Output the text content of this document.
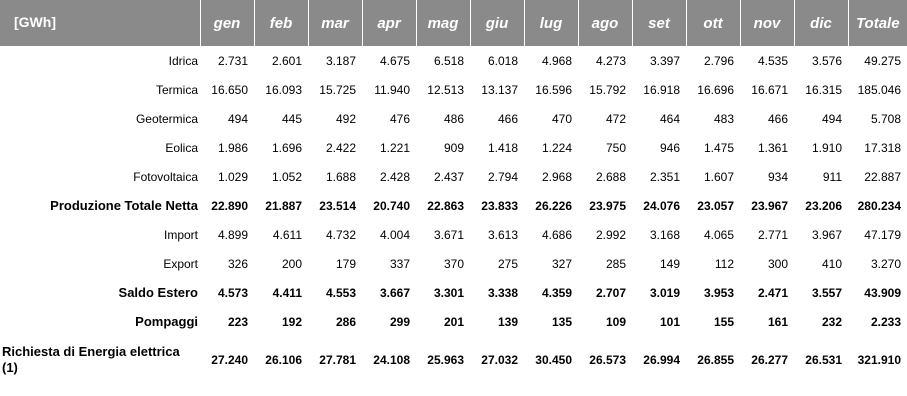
[GWh]	gen	feb	mar	apr	mag	giu	lug	ago	set	ott	nov	dic	Totale
Idrica	2.731	2.601	3.187	4.675	6.518	6.018	4.968	4.273	3.397	2.796	4.535	3.576	49.275
Termica	16.650	16.093	15.725	11.940	12.513	13.137	16.596	15.792	16.918	16.696	16.671	16.315	185.046
Geotermica	494	445	492	476	486	466	470	472	464	483	466	494	5.708
Eolica	1.986	1.696	2.422	1.221	909	1.418	1.224	750	946	1.475	1.361	1.910	17.318
Fotovoltaica	1.029	1.052	1.688	2.428	2.437	2.794	2.968	2.688	2.351	1.607	934	911	22.887
Produzione Totale Netta	22.890	21.887	23.514	20.740	22.863	23.833	26.226	23.975	24.076	23.057	23.967	23.206	280.234
Import	4.899	4.611	4.732	4.004	3.671	3.613	4.686	2.992	3.168	4.065	2.771	3.967	47.179
Export	326	200	179	337	370	275	327	285	149	112	300	410	3.270
Saldo Estero	4.573	4.411	4.553	3.667	3.301	3.338	4.359	2.707	3.019	3.953	2.471	3.557	43.909
Pompaggi	223	192	286	299	201	139	135	109	101	155	161	232	2.233
Richiesta di Energia elettrica (1)	27.240	26.106	27.781	24.108	25.963	27.032	30.450	26.573	26.994	26.855	26.277	26.531	321.910
